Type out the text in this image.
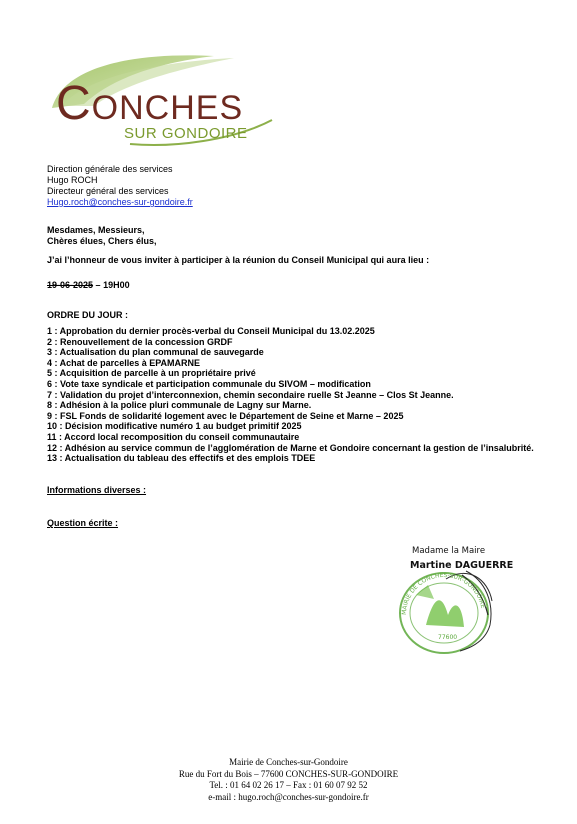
CONCHES
SUR GONDOIRE
Direction générale des services
Hugo ROCH
Directeur général des services
Hugo.roch@conches-sur-gondoire.fr
Mesdames, Messieurs,
Chères élues, Chers élus,
J’ai l’honneur de vous inviter à participer à la réunion du Conseil Municipal qui aura lieu :
19-06-2025 – 19H00
ORDRE DU JOUR :
1 : Approbation du dernier procès-verbal du Conseil Municipal du 13.02.2025
2 : Renouvellement de la concession GRDF
3 : Actualisation du plan communal de sauvegarde
4 : Achat de parcelles à EPAMARNE
5 : Acquisition de parcelle à un propriétaire privé
6 : Vote taxe syndicale et participation communale du SIVOM – modification
7 : Validation du projet d’interconnexion, chemin secondaire ruelle St Jeanne – Clos St Jeanne.
8 : Adhésion à la police pluri communale de Lagny sur Marne.
9 : FSL Fonds de solidarité logement avec le Département de Seine et Marne – 2025
10 : Décision modificative numéro 1 au budget primitif 2025
11 : Accord local recomposition du conseil communautaire
12 : Adhésion au service commun de l’agglomération de Marne et Gondoire concernant la gestion de l’insalubrité.
13 : Actualisation du tableau des effectifs et des emplois TDEE
Informations diverses :
Question écrite :
MAIRIE DE CONCHES-SUR-GONDOIRE
77600
Madame la Maire
Martine DAGUERRE
Mairie de Conches-sur-Gondoire
Rue du Fort du Bois – 77600 CONCHES-SUR-GONDOIRE
Tel. : 01 64 02 26 17 – Fax : 01 60 07 92 52
e-mail : hugo.roch@conches-sur-gondoire.fr
